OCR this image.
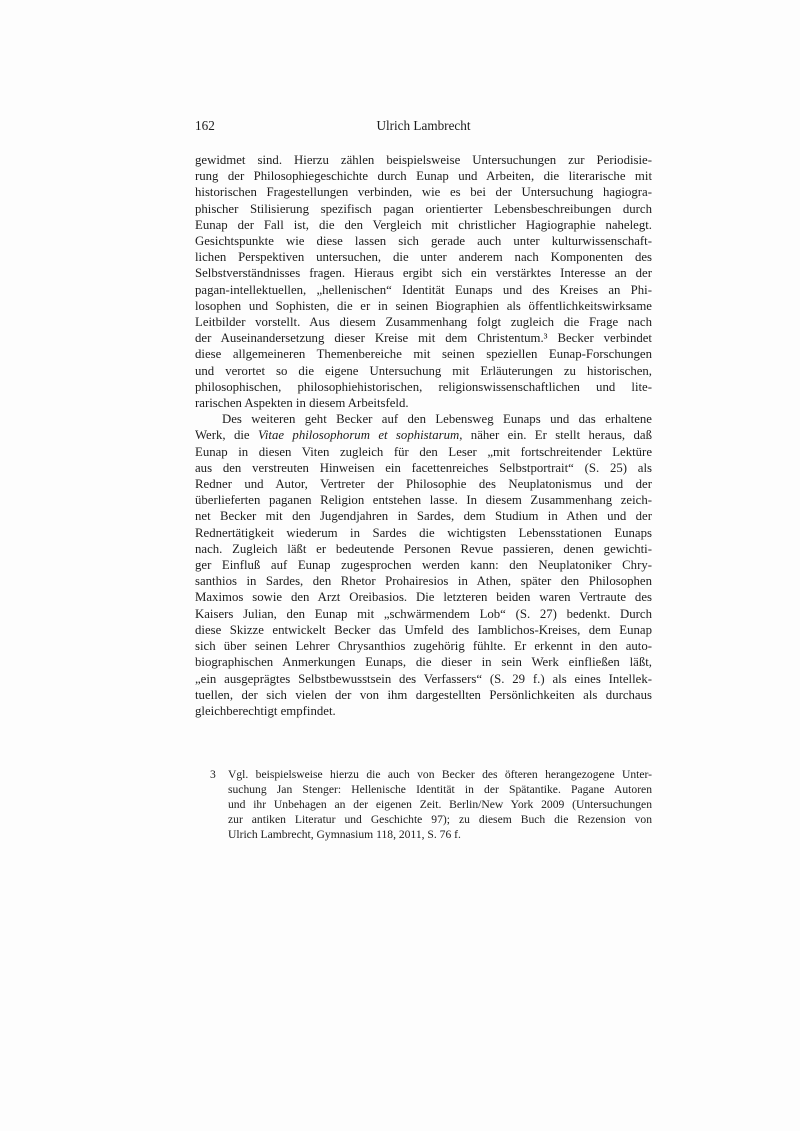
162	Ulrich Lambrecht
gewidmet sind. Hierzu zählen beispielsweise Untersuchungen zur Periodisie-
rung der Philosophiegeschichte durch Eunap und Arbeiten, die literarische mit
historischen Fragestellungen verbinden, wie es bei der Untersuchung hagiogra-
phischer Stilisierung spezifisch pagan orientierter Lebensbeschreibungen durch
Eunap der Fall ist, die den Vergleich mit christlicher Hagiographie nahelegt.
Gesichtspunkte wie diese lassen sich gerade auch unter kulturwissenschaft-
lichen Perspektiven untersuchen, die unter anderem nach Komponenten des
Selbstverständnisses fragen. Hieraus ergibt sich ein verstärktes Interesse an der
pagan-intellektuellen, „hellenischen“ Identität Eunaps und des Kreises an Phi-
losophen und Sophisten, die er in seinen Biographien als öffentlichkeitswirksame
Leitbilder vorstellt. Aus diesem Zusammenhang folgt zugleich die Frage nach
der Auseinandersetzung dieser Kreise mit dem Christentum.³ Becker verbindet
diese allgemeineren Themenbereiche mit seinen speziellen Eunap-Forschungen
und verortet so die eigene Untersuchung mit Erläuterungen zu historischen,
philosophischen, philosophiehistorischen, religionswissenschaftlichen und lite-
rarischen Aspekten in diesem Arbeitsfeld.
Des weiteren geht Becker auf den Lebensweg Eunaps und das erhaltene
Werk, die Vitae philosophorum et sophistarum, näher ein. Er stellt heraus, daß
Eunap in diesen Viten zugleich für den Leser „mit fortschreitender Lektüre
aus den verstreuten Hinweisen ein facettenreiches Selbstportrait“ (S. 25) als
Redner und Autor, Vertreter der Philosophie des Neuplatonismus und der
überlieferten paganen Religion entstehen lasse. In diesem Zusammenhang zeich-
net Becker mit den Jugendjahren in Sardes, dem Studium in Athen und der
Rednertätigkeit wiederum in Sardes die wichtigsten Lebensstationen Eunaps
nach. Zugleich läßt er bedeutende Personen Revue passieren, denen gewichti-
ger Einfluß auf Eunap zugesprochen werden kann: den Neuplatoniker Chry-
santhios in Sardes, den Rhetor Prohairesios in Athen, später den Philosophen
Maximos sowie den Arzt Oreibasios. Die letzteren beiden waren Vertraute des
Kaisers Julian, den Eunap mit „schwärmendem Lob“ (S. 27) bedenkt. Durch
diese Skizze entwickelt Becker das Umfeld des Iamblichos-Kreises, dem Eunap
sich über seinen Lehrer Chrysanthios zugehörig fühlte. Er erkennt in den auto-
biographischen Anmerkungen Eunaps, die dieser in sein Werk einfließen läßt,
„ein ausgeprägtes Selbstbewusstsein des Verfassers“ (S. 29 f.) als eines Intellek-
tuellen, der sich vielen der von ihm dargestellten Persönlichkeiten als durchaus
gleichberechtigt empfindet.
3 Vgl. beispielsweise hierzu die auch von Becker des öfteren herangezogene Unter-
suchung Jan Stenger: Hellenische Identität in der Spätantike. Pagane Autoren
und ihr Unbehagen an der eigenen Zeit. Berlin/New York 2009 (Untersuchungen
zur antiken Literatur und Geschichte 97); zu diesem Buch die Rezension von
Ulrich Lambrecht, Gymnasium 118, 2011, S. 76 f.
